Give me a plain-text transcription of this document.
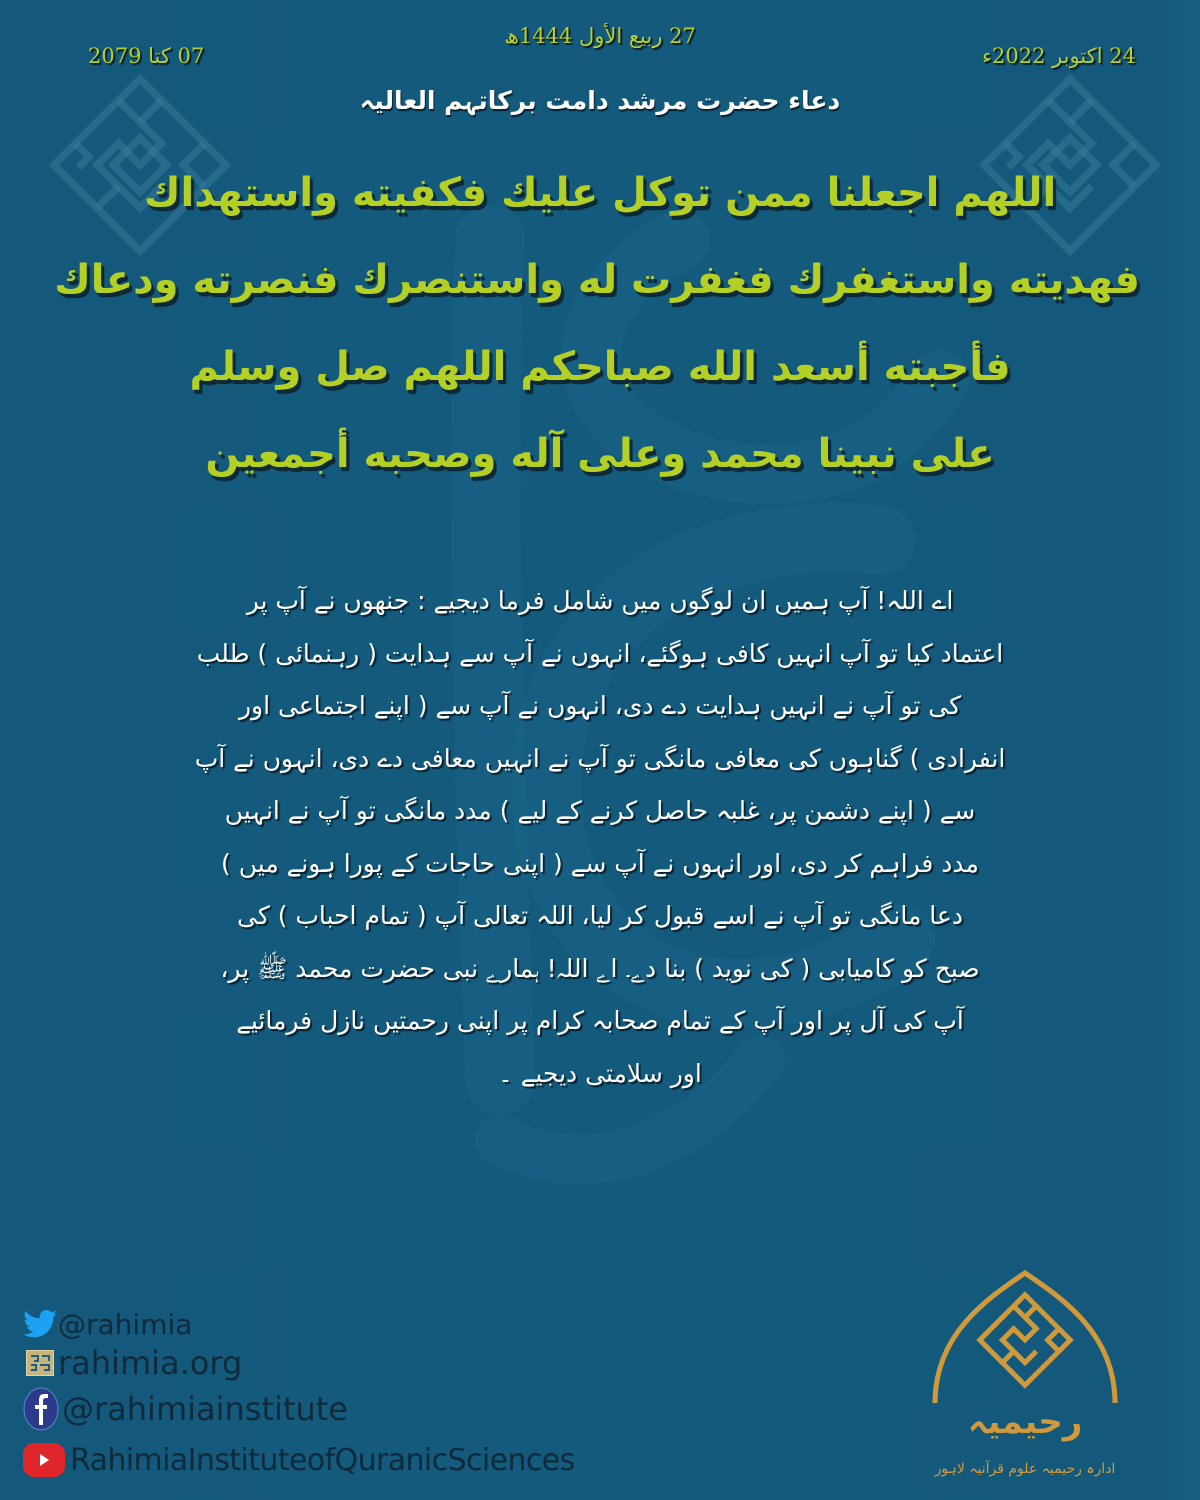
27 ربیع الأول 1444ھ
07 کتا 2079	24 اکتوبر 2022ء
دعاء حضرت مرشد دامت برکاتہم العالیہ
اللهم اجعلنا ممن توكل عليك فكفيته واستهداك
فهديته واستغفرك فغفرت له واستنصرك فنصرته ودعاك
فأجبته أسعد الله صباحكم اللهم صل وسلم
على نبينا محمد وعلى آله وصحبه أجمعين
اے اللہ! آپ ہمیں ان لوگوں میں شامل فرما دیجیے : جنھوں نے آپ پر
اعتماد کیا تو آپ انہیں کافی ہوگئے، انہوں نے آپ سے ہدایت ( رہنمائی ) طلب
کی تو آپ نے انہیں ہدایت دے دی، انہوں نے آپ سے ( اپنے اجتماعی اور
انفرادی ) گناہوں کی معافی مانگی تو آپ نے انہیں معافی دے دی، انہوں نے آپ
سے ( اپنے دشمن پر، غلبہ حاصل کرنے کے لیے ) مدد مانگی تو آپ نے انہیں
مدد فراہم کر دی، اور انہوں نے آپ سے ( اپنی حاجات کے پورا ہونے میں )
دعا مانگی تو آپ نے اسے قبول کر لیا، اللہ تعالی آپ ( تمام احباب ) کی
صبح کو کامیابی ( کی نوید ) بنا دے۔ اے اللہ! ہمارے نبی حضرت محمد ﷺ پر،
آپ کی آل پر اور آپ کے تمام صحابہ کرام پر اپنی رحمتیں نازل فرمائیے
اور سلامتی دیجیے ۔
@rahimia
rahimia.org
@rahimiainstitute
RahimiaInstituteofQuranicSciences
رحیمیہ
ادارہ رحیمیہ علوم قرآنیہ لاہور
